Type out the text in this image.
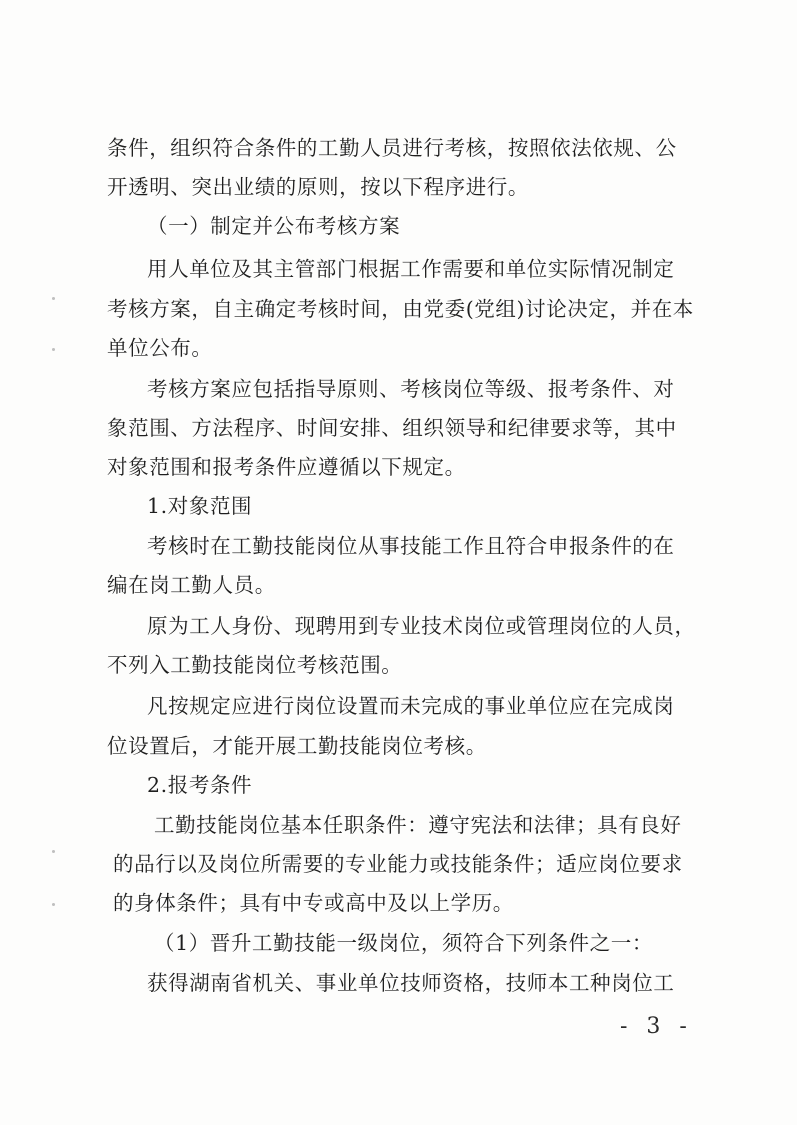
条件，组织符合条件的工勤人员进行考核，按照依法依规、公
开透明、突出业绩的原则，按以下程序进行。
（一）制定并公布考核方案
用人单位及其主管部门根据工作需要和单位实际情况制定
考核方案，自主确定考核时间，由党委(党组)讨论决定，并在本
单位公布。
考核方案应包括指导原则、考核岗位等级、报考条件、对
象范围、方法程序、时间安排、组织领导和纪律要求等，其中
对象范围和报考条件应遵循以下规定。
1.对象范围
考核时在工勤技能岗位从事技能工作且符合申报条件的在
编在岗工勤人员。
原为工人身份、现聘用到专业技术岗位或管理岗位的人员，
不列入工勤技能岗位考核范围。
凡按规定应进行岗位设置而未完成的事业单位应在完成岗
位设置后，才能开展工勤技能岗位考核。
2.报考条件
工勤技能岗位基本任职条件：遵守宪法和法律；具有良好
的品行以及岗位所需要的专业能力或技能条件；适应岗位要求
的身体条件；具有中专或高中及以上学历。
（1）晋升工勤技能一级岗位，须符合下列条件之一：
获得湖南省机关、事业单位技师资格，技师本工种岗位工
- 3 -
